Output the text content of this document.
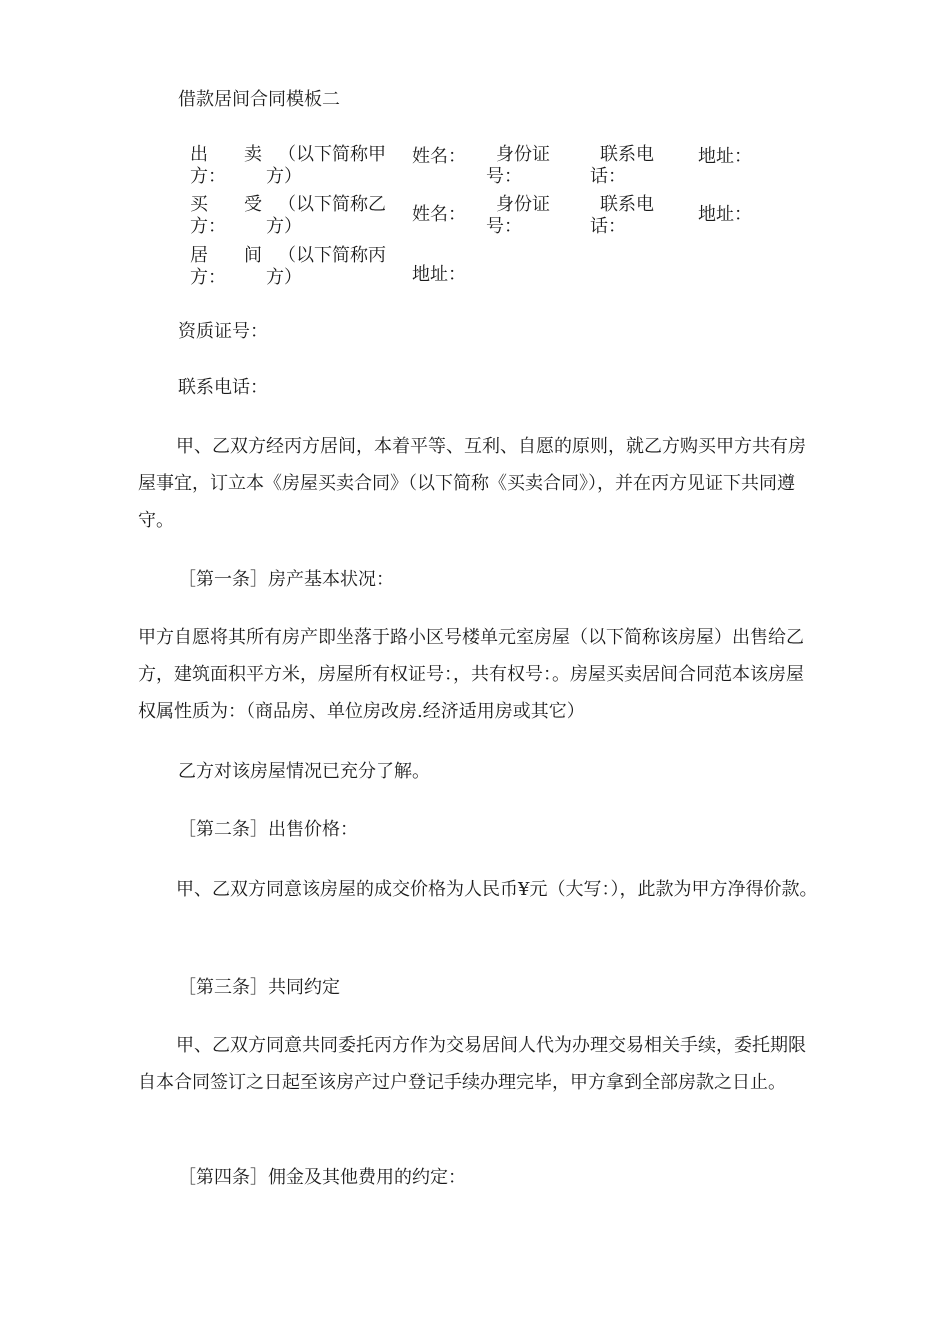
借款居间合同模板二
出
方：
卖 （以下简称甲
方）
姓名： 身份证
号：
联系电
话：
地址：
买
方：
受 （以下简称乙
方）
姓名： 身份证
号：
联系电
话：
地址：
居
方：
间 （以下简称丙
方）	地址：
资质证号：
联系电话：

甲、乙双方经丙方居间，本着平等、互利、自愿的原则，就乙方购买甲方共有房屋事宜，订立本《房屋买卖合同》（以下简称《买卖合同》），并在丙方见证下共同遵守。

［第一条］房产基本状况：

甲方自愿将其所有房产即坐落于路小区号楼单元室房屋（以下简称该房屋）出售给乙方，建筑面积平方米，房屋所有权证号：，共有权号：。房屋买卖居间合同范本该房屋权属性质为：（商品房、单位房改房.经济适用房或其它）

乙方对该房屋情况已充分了解。
［第二条］出售价格：

甲、乙双方同意该房屋的成交价格为人民币¥元（大写：），此款为甲方净得价款。

［第三条］共同约定

甲、乙双方同意共同委托丙方作为交易居间人代为办理交易相关手续，委托期限自本合同签订之日起至该房产过户登记手续办理完毕，甲方拿到全部房款之日止。

［第四条］佣金及其他费用的约定：
